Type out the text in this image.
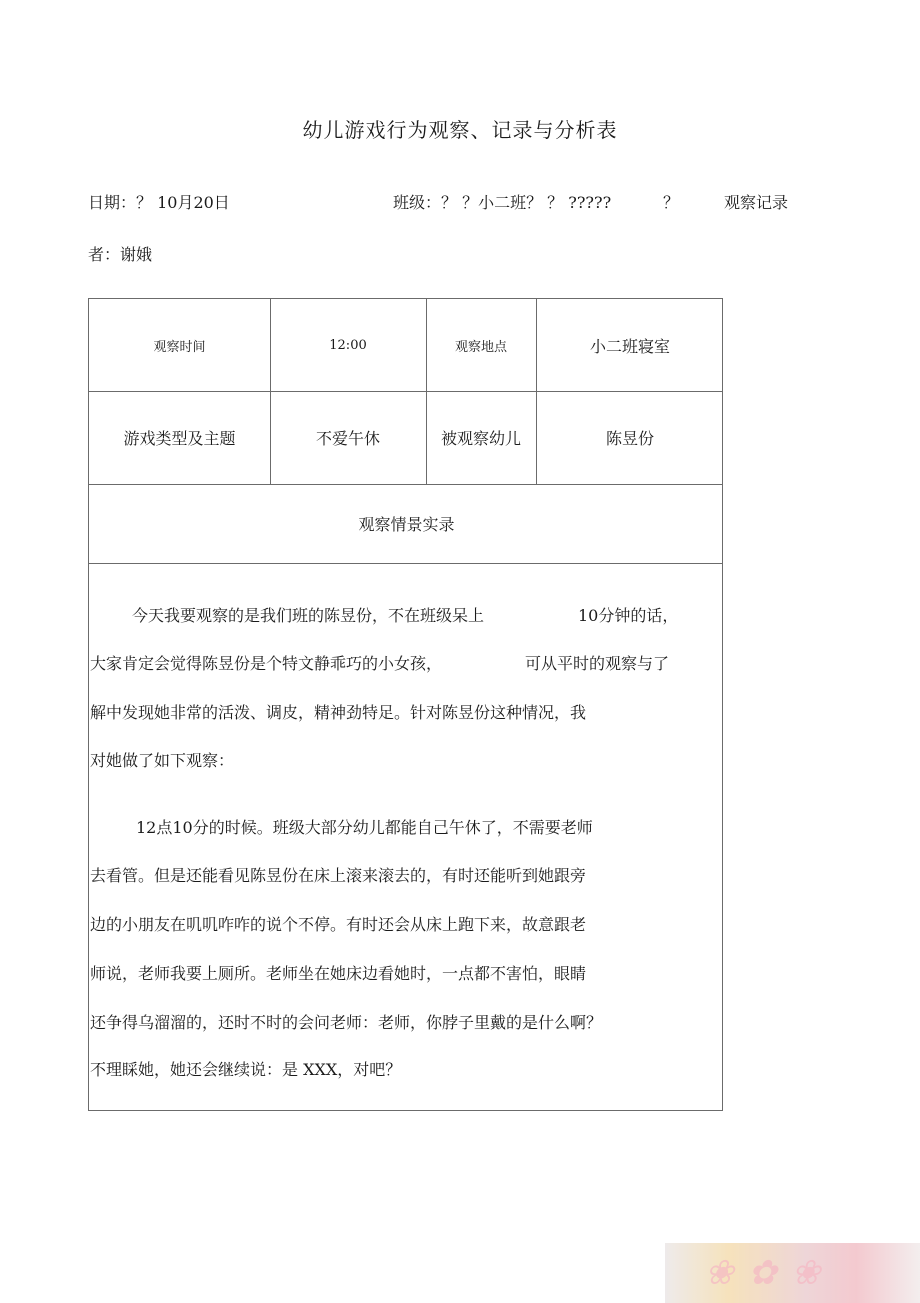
幼儿游戏行为观察、记录与分析表
日期：？ 10月20日	班级：？ ？小二班？ ？ ?????	？	观察记录
者：谢娥
观察时间	12:00	观察地点	小二班寝室
游戏类型及主题	不爱午休	被观察幼儿	陈昱份
观察情景实录
今天我要观察的是我们班的陈昱份，不在班级呆上	10分钟的话，
大家肯定会觉得陈昱份是个特文静乖巧的小女孩，	可从平时的观察与了
解中发现她非常的活泼、调皮，精神劲特足。针对陈昱份这种情况，我
对她做了如下观察：
12点10分的时候。班级大部分幼儿都能自己午休了，不需要老师
去看管。但是还能看见陈昱份在床上滚来滚去的，有时还能听到她跟旁
边的小朋友在叽叽咋咋的说个不停。有时还会从床上跑下来，故意跟老
师说，老师我要上厕所。老师坐在她床边看她时，一点都不害怕，眼睛
还争得乌溜溜的，还时不时的会问老师：老师，你脖子里戴的是什么啊？
不理睬她，她还会继续说：是 XXX，对吧？
❀ ✿ ❀
